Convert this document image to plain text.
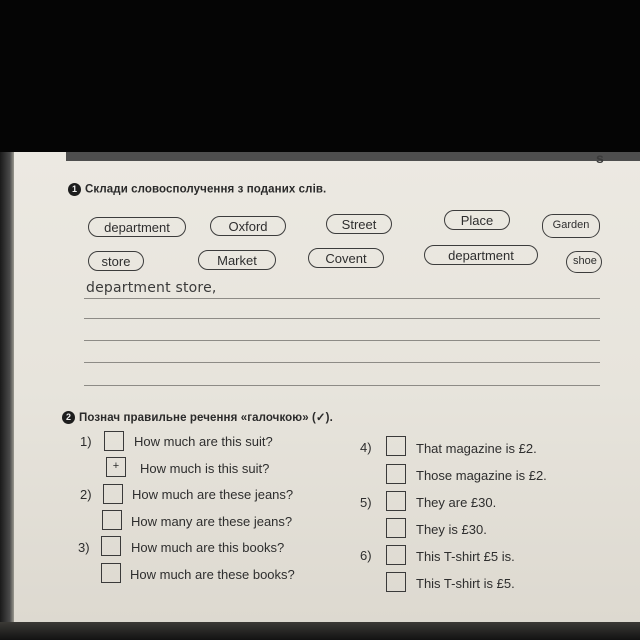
s
1 Склади словосполучення з поданих слів.
department	Oxford	Street	Place	Garden
store	Market	Covent	department	shoe
department store,
2 Познач правильне речення «галочкою» (✓).
1)	How much are this suit?
+	How much is this suit?
2)	How much are these jeans?
How many are these jeans?
3)	How much are this books?
How much are these books?
4)	That magazine is £2.
Those magazine is £2.
5)	They are £30.
They is £30.
6)	This T-shirt £5 is.
This T-shirt is £5.
